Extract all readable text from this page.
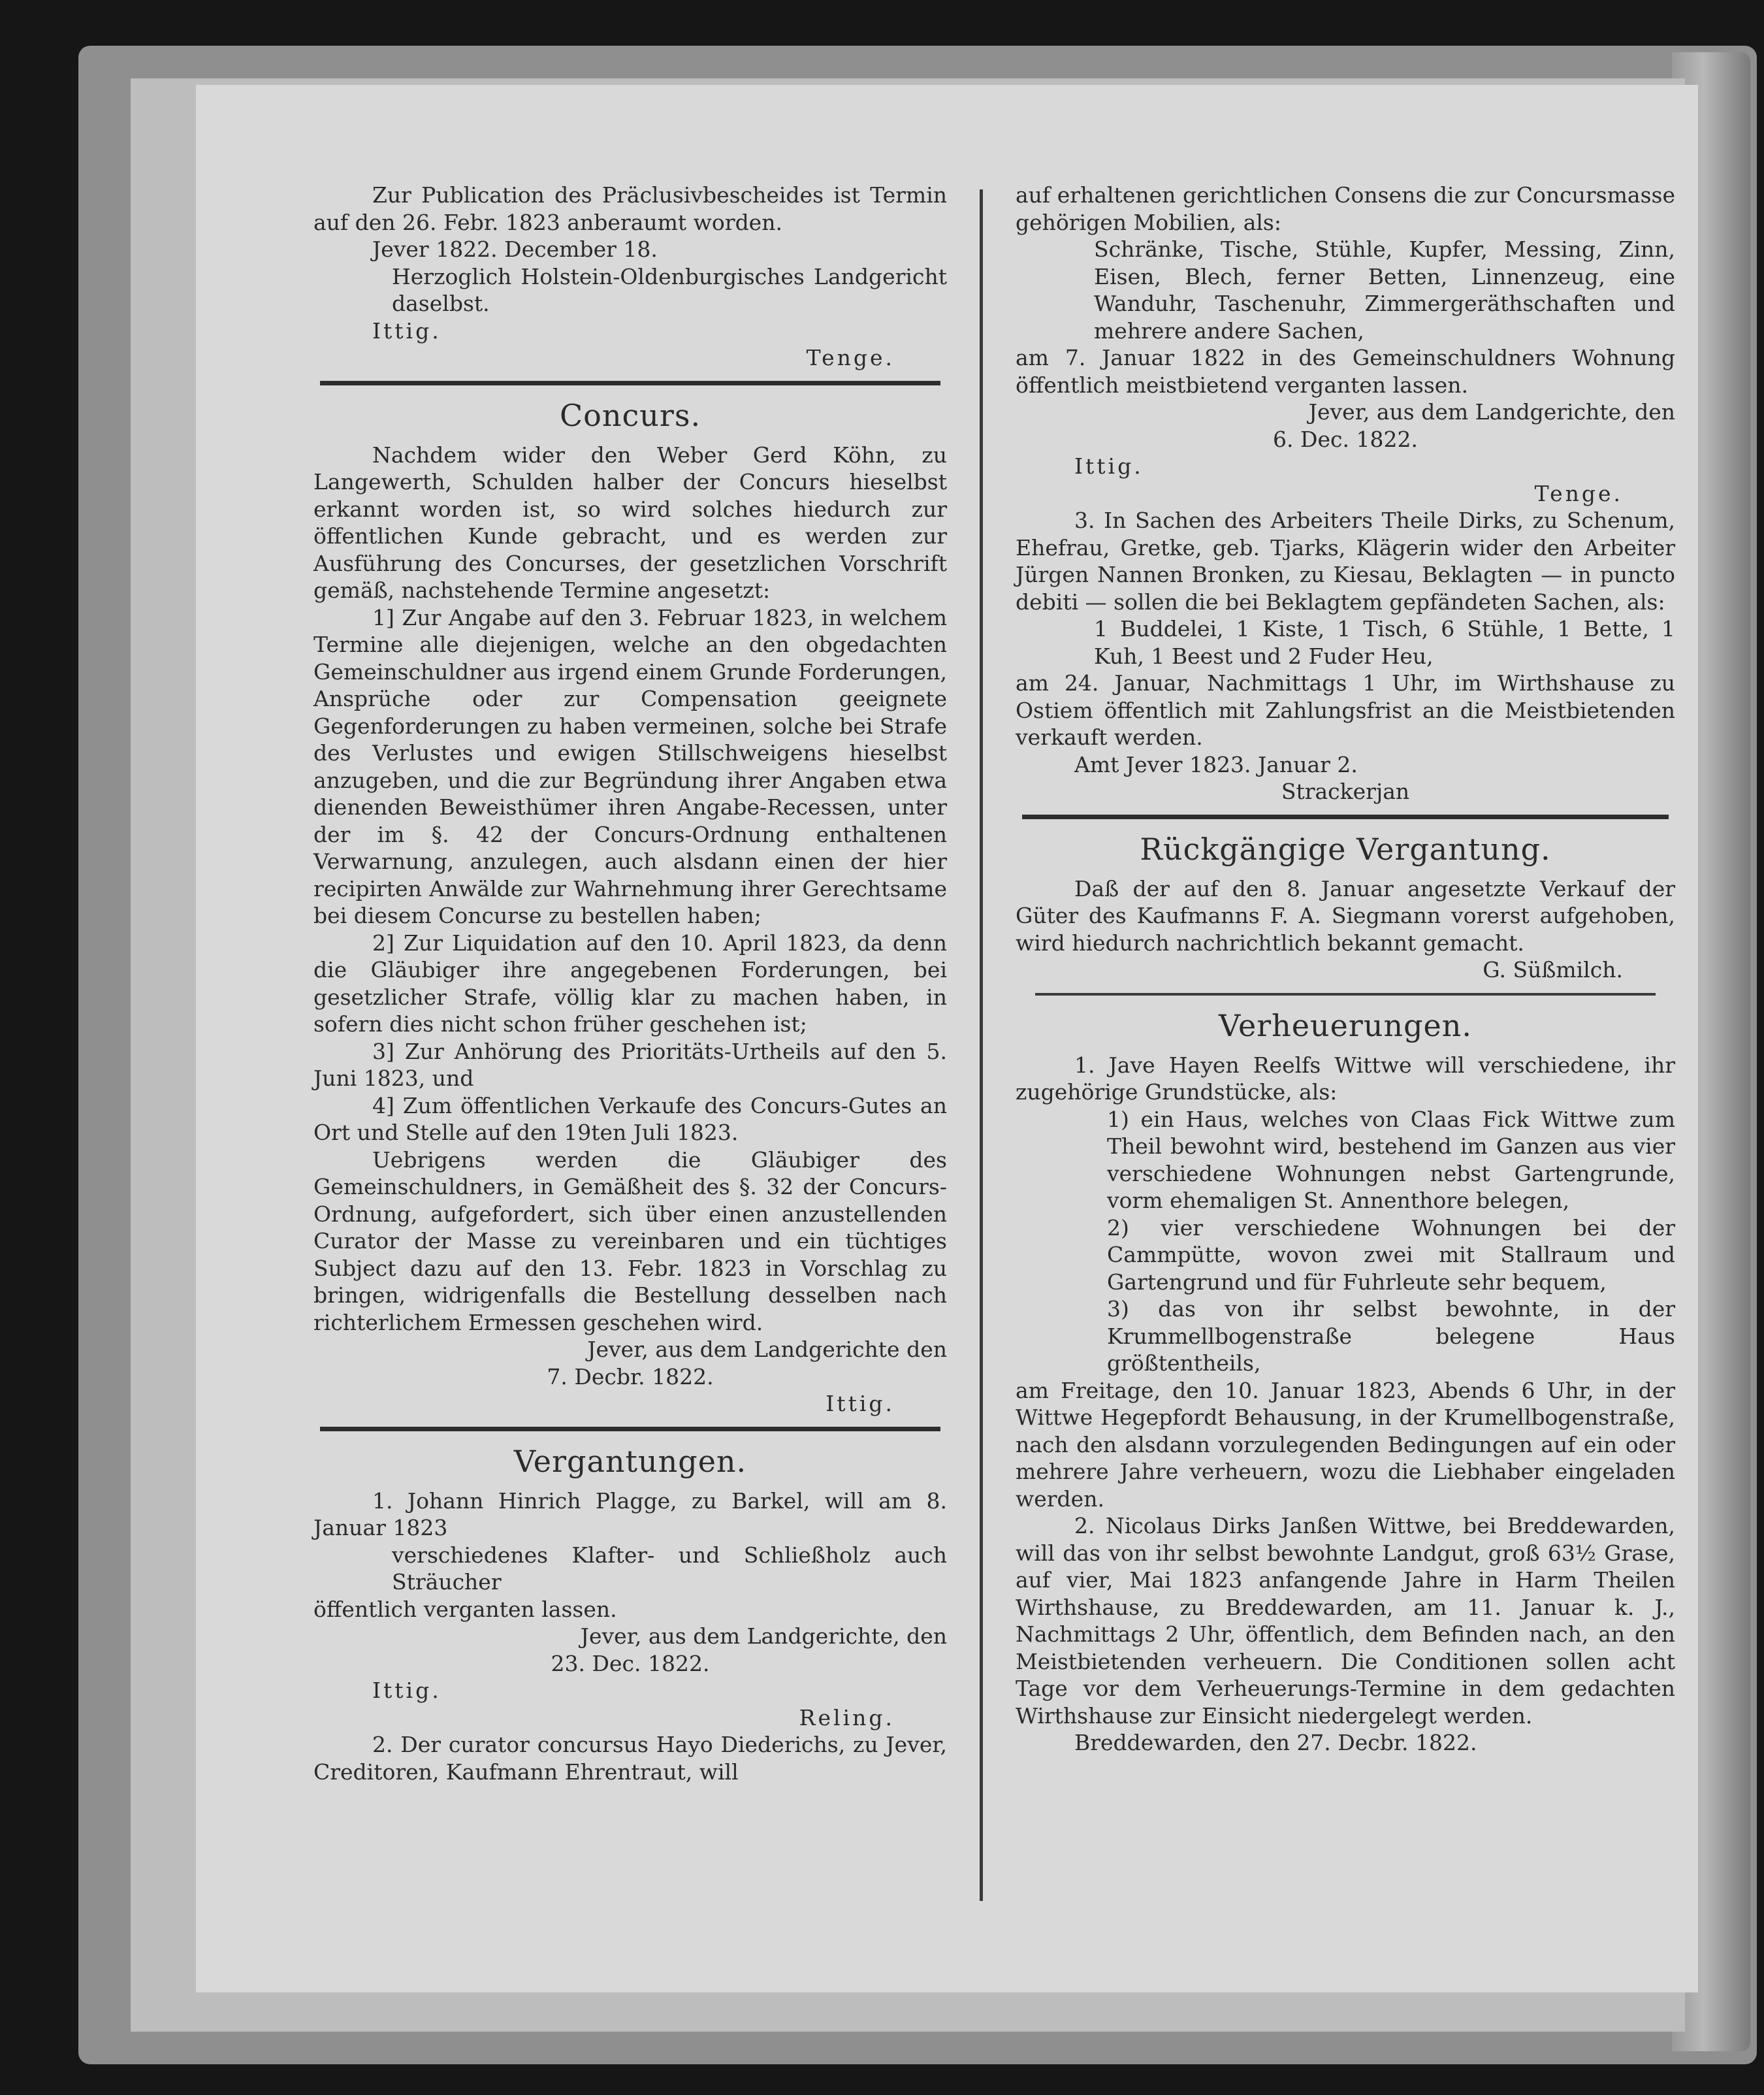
Zur Publication des Präclusivbescheides ist Termin auf den 26. Febr. 1823 anberaumt worden.

Jever 1822. December 18.

Herzoglich Holstein-Oldenburgisches Landgericht daselbst.

Ittig.

Tenge.

Concurs.

Nachdem wider den Weber Gerd Köhn, zu Langewerth, Schulden halber der Concurs hieselbst erkannt worden ist, so wird solches hiedurch zur öffentlichen Kunde gebracht, und es werden zur Ausführung des Concurses, der gesetzlichen Vorschrift gemäß, nachstehende Termine angesetzt:

1] Zur Angabe auf den 3. Februar 1823, in welchem Termine alle diejenigen, welche an den obgedachten Gemeinschuldner aus irgend einem Grunde Forderungen, Ansprüche oder zur Compensation geeignete Gegenforderungen zu haben vermeinen, solche bei Strafe des Verlustes und ewigen Stillschweigens hieselbst anzugeben, und die zur Begründung ihrer Angaben etwa dienenden Beweisthümer ihren Angabe-Recessen, unter der im §. 42 der Concurs-Ordnung enthaltenen Verwarnung, anzulegen, auch alsdann einen der hier recipirten Anwälde zur Wahrnehmung ihrer Gerechtsame bei diesem Concurse zu bestellen haben;

2] Zur Liquidation auf den 10. April 1823, da denn die Gläubiger ihre angegebenen Forderungen, bei gesetzlicher Strafe, völlig klar zu machen haben, in sofern dies nicht schon früher geschehen ist;

3] Zur Anhörung des Prioritäts-Urtheils auf den 5. Juni 1823, und

4] Zum öffentlichen Verkaufe des Concurs-Gutes an Ort und Stelle auf den 19ten Juli 1823.

Uebrigens werden die Gläubiger des Gemeinschuldners, in Gemäßheit des §. 32 der Concurs-Ordnung, aufgefordert, sich über einen anzustellenden Curator der Masse zu vereinbaren und ein tüchtiges Subject dazu auf den 13. Febr. 1823 in Vorschlag zu bringen, widrigenfalls die Bestellung desselben nach richterlichem Ermessen geschehen wird.

Jever, aus dem Landgerichte den

7. Decbr. 1822.

Ittig.

Vergantungen.

1. Johann Hinrich Plagge, zu Barkel, will am 8. Januar 1823

verschiedenes Klafter- und Schließholz auch Sträucher

öffentlich verganten lassen.

Jever, aus dem Landgerichte, den

23. Dec. 1822.

Ittig.

Reling.

2. Der curator concursus Hayo Diederichs, zu Jever, Creditoren, Kaufmann Ehrentraut, will

auf erhaltenen gerichtlichen Consens die zur Concursmasse gehörigen Mobilien, als:

Schränke, Tische, Stühle, Kupfer, Messing, Zinn, Eisen, Blech, ferner Betten, Linnenzeug, eine Wanduhr, Taschenuhr, Zimmergeräthschaften und mehrere andere Sachen,

am 7. Januar 1822 in des Gemeinschuldners Wohnung öffentlich meistbietend verganten lassen.

Jever, aus dem Landgerichte, den

6. Dec. 1822.

Ittig.

Tenge.

3. In Sachen des Arbeiters Theile Dirks, zu Schenum, Ehefrau, Gretke, geb. Tjarks, Klägerin wider den Arbeiter Jürgen Nannen Bronken, zu Kiesau, Beklagten — in puncto debiti — sollen die bei Beklagtem gepfändeten Sachen, als:

1 Buddelei, 1 Kiste, 1 Tisch, 6 Stühle, 1 Bette, 1 Kuh, 1 Beest und 2 Fuder Heu,

am 24. Januar, Nachmittags 1 Uhr, im Wirthshause zu Ostiem öffentlich mit Zahlungsfrist an die Meistbietenden verkauft werden.

Amt Jever 1823. Januar 2.

Strackerjan

Rückgängige Vergantung.

Daß der auf den 8. Januar angesetzte Verkauf der Güter des Kaufmanns F. A. Siegmann vorerst aufgehoben, wird hiedurch nachrichtlich bekannt gemacht.

G. Süßmilch.

Verheuerungen.

1. Jave Hayen Reelfs Wittwe will verschiedene, ihr zugehörige Grundstücke, als:

1) ein Haus, welches von Claas Fick Wittwe zum Theil bewohnt wird, bestehend im Ganzen aus vier verschiedene Wohnungen nebst Gartengrunde, vorm ehemaligen St. Annenthore belegen,

2) vier verschiedene Wohnungen bei der Cammpütte, wovon zwei mit Stallraum und Gartengrund und für Fuhrleute sehr bequem,

3) das von ihr selbst bewohnte, in der Krummellbogenstraße belegene Haus größtentheils,

am Freitage, den 10. Januar 1823, Abends 6 Uhr, in der Wittwe Hegepfordt Behausung, in der Krumellbogenstraße, nach den alsdann vorzulegenden Bedingungen auf ein oder mehrere Jahre verheuern, wozu die Liebhaber eingeladen werden.

2. Nicolaus Dirks Janßen Wittwe, bei Breddewarden, will das von ihr selbst bewohnte Landgut, groß 63½ Grase, auf vier, Mai 1823 anfangende Jahre in Harm Theilen Wirthshause, zu Breddewarden, am 11. Januar k. J., Nachmittags 2 Uhr, öffentlich, dem Befinden nach, an den Meistbietenden verheuern. Die Conditionen sollen acht Tage vor dem Verheuerungs-Termine in dem gedachten Wirthshause zur Einsicht niedergelegt werden.

Breddewarden, den 27. Decbr. 1822.
